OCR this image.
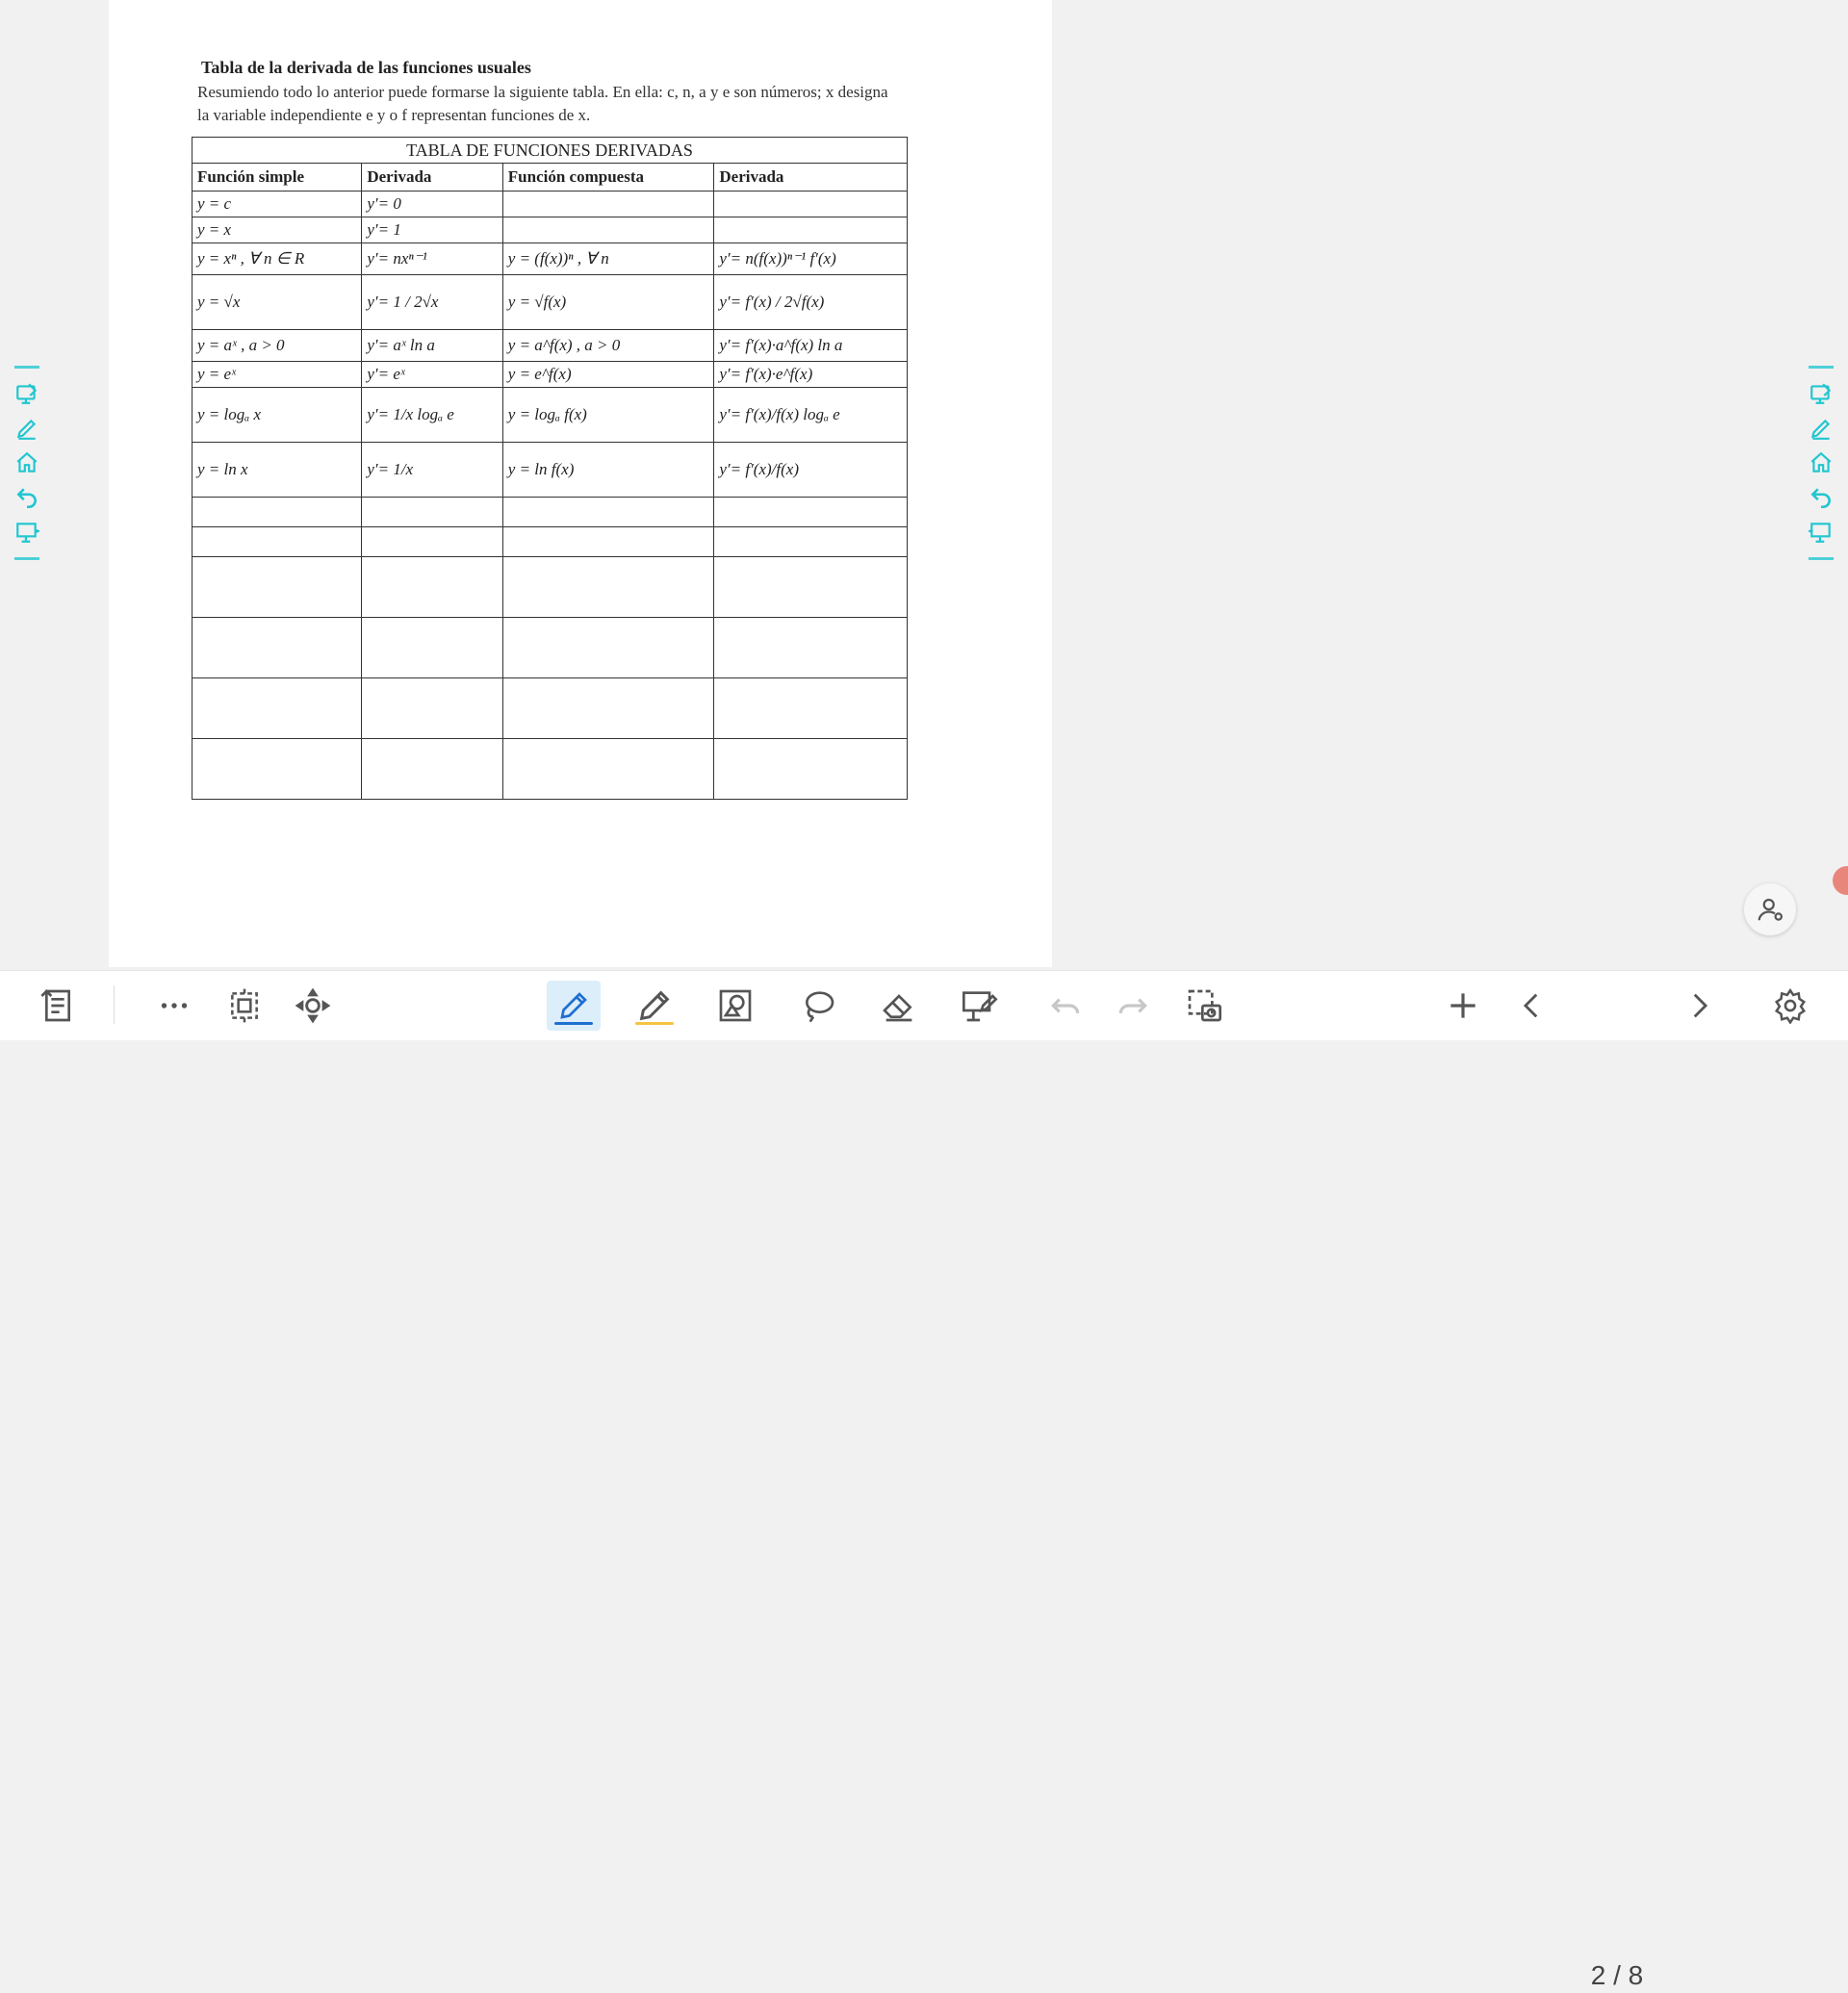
Tabla de la derivada de las funciones usuales
Resumiendo todo lo anterior puede formarse la siguiente tabla. En ella: c, n, a y e son números; x designa la variable independiente e y o f representan funciones de x.
TABLA DE FUNCIONES DERIVADAS			
Función simple	Derivada	Función compuesta	Derivada
y = c	y′= 0		
y = x	y′= 1		
y = xⁿ , ∀ n ∈ R	y′= nxⁿ⁻¹	y = (f(x))ⁿ , ∀ n	y′= n(f(x))ⁿ⁻¹ f′(x)
y = √x	y′= 1 / 2√x	y = √f(x)	y′= f′(x) / 2√f(x)
y = aˣ , a > 0	y′= aˣ ln a	y = a^f(x) , a > 0	y′= f′(x)·a^f(x) ln a
y = eˣ	y′= eˣ	y = e^f(x)	y′= f′(x)·e^f(x)
y = logₐ x	y′= 1/x logₐ e	y = logₐ f(x)	y′= f′(x)/f(x) logₐ e
y = ln x	y′= 1/x	y = ln f(x)	y′= f′(x)/f(x)

2 / 8
